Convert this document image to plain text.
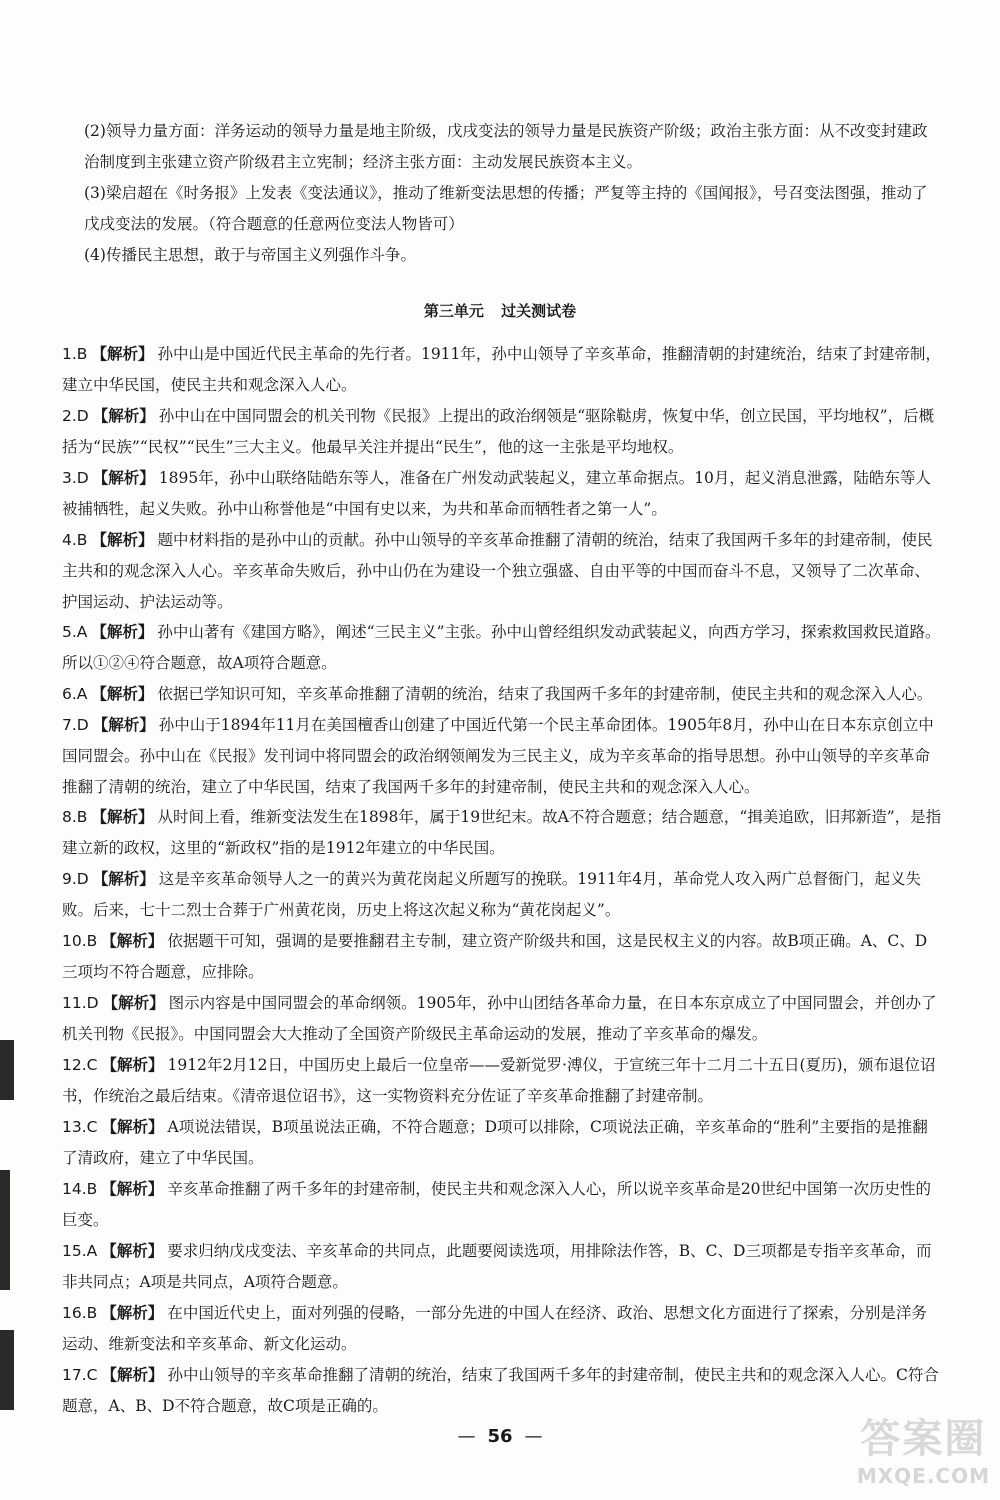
(2)领导力量方面：洋务运动的领导力量是地主阶级，戊戌变法的领导力量是民族资产阶级；政治主张方面：从不改变封建政治制度到主张建立资产阶级君主立宪制；经济主张方面：主动发展民族资本主义。

(3)梁启超在《时务报》上发表《变法通议》，推动了维新变法思想的传播；严复等主持的《国闻报》，号召变法图强，推动了戊戌变法的发展。（符合题意的任意两位变法人物皆可）

(4)传播民主思想，敢于与帝国主义列强作斗争。

第三单元 过关测试卷
1.B 【解析】 孙中山是中国近代民主革命的先行者。1911年，孙中山领导了辛亥革命，推翻清朝的封建统治，结束了封建帝制，建立中华民国，使民主共和观念深入人心。
2.D 【解析】 孙中山在中国同盟会的机关刊物《民报》上提出的政治纲领是“驱除鞑虏，恢复中华，创立民国，平均地权”，后概括为“民族”“民权”“民生”三大主义。他最早关注并提出“民生”，他的这一主张是平均地权。
3.D 【解析】 1895年，孙中山联络陆皓东等人，准备在广州发动武装起义，建立革命据点。10月，起义消息泄露，陆皓东等人被捕牺牲，起义失败。孙中山称誉他是“中国有史以来，为共和革命而牺牲者之第一人”。
4.B 【解析】 题中材料指的是孙中山的贡献。孙中山领导的辛亥革命推翻了清朝的统治，结束了我国两千多年的封建帝制，使民主共和的观念深入人心。辛亥革命失败后，孙中山仍在为建设一个独立强盛、自由平等的中国而奋斗不息，又领导了二次革命、护国运动、护法运动等。
5.A 【解析】 孙中山著有《建国方略》，阐述“三民主义”主张。孙中山曾经组织发动武装起义，向西方学习，探索救国救民道路。所以①②④符合题意，故A项符合题意。
6.A 【解析】 依据已学知识可知，辛亥革命推翻了清朝的统治，结束了我国两千多年的封建帝制，使民主共和的观念深入人心。
7.D 【解析】 孙中山于1894年11月在美国檀香山创建了中国近代第一个民主革命团体。1905年8月，孙中山在日本东京创立中国同盟会。孙中山在《民报》发刊词中将同盟会的政治纲领阐发为三民主义，成为辛亥革命的指导思想。孙中山领导的辛亥革命推翻了清朝的统治，建立了中华民国，结束了我国两千多年的封建帝制，使民主共和的观念深入人心。
8.B 【解析】 从时间上看，维新变法发生在1898年，属于19世纪末。故A不符合题意；结合题意，“揖美追欧，旧邦新造”，是指建立新的政权，这里的“新政权”指的是1912年建立的中华民国。
9.D 【解析】 这是辛亥革命领导人之一的黄兴为黄花岗起义所题写的挽联。1911年4月，革命党人攻入两广总督衙门，起义失败。后来，七十二烈士合葬于广州黄花岗，历史上将这次起义称为“黄花岗起义”。
10.B 【解析】 依据题干可知，强调的是要推翻君主专制，建立资产阶级共和国，这是民权主义的内容。故B项正确。A、C、D三项均不符合题意，应排除。
11.D 【解析】 图示内容是中国同盟会的革命纲领。1905年，孙中山团结各革命力量，在日本东京成立了中国同盟会，并创办了机关刊物《民报》。中国同盟会大大推动了全国资产阶级民主革命运动的发展，推动了辛亥革命的爆发。
12.C 【解析】 1912年2月12日，中国历史上最后一位皇帝——爱新觉罗·溥仪，于宣统三年十二月二十五日(夏历)，颁布退位诏书，作统治之最后结束。《清帝退位诏书》，这一实物资料充分佐证了辛亥革命推翻了封建帝制。
13.C 【解析】 A项说法错误，B项虽说法正确，不符合题意；D项可以排除，C项说法正确，辛亥革命的“胜利”主要指的是推翻了清政府，建立了中华民国。
14.B 【解析】 辛亥革命推翻了两千多年的封建帝制，使民主共和观念深入人心，所以说辛亥革命是20世纪中国第一次历史性的巨变。
15.A 【解析】 要求归纳戊戌变法、辛亥革命的共同点，此题要阅读选项，用排除法作答，B、C、D三项都是专指辛亥革命，而非共同点；A项是共同点，A项符合题意。
16.B 【解析】 在中国近代史上，面对列强的侵略，一部分先进的中国人在经济、政治、思想文化方面进行了探索，分别是洋务运动、维新变法和辛亥革命、新文化运动。
17.C 【解析】 孙中山领导的辛亥革命推翻了清朝的统治，结束了我国两千多年的封建帝制，使民主共和的观念深入人心。C符合题意，A、B、D不符合题意，故C项是正确的。
— 56 —	答案圈
MXQE.COM
